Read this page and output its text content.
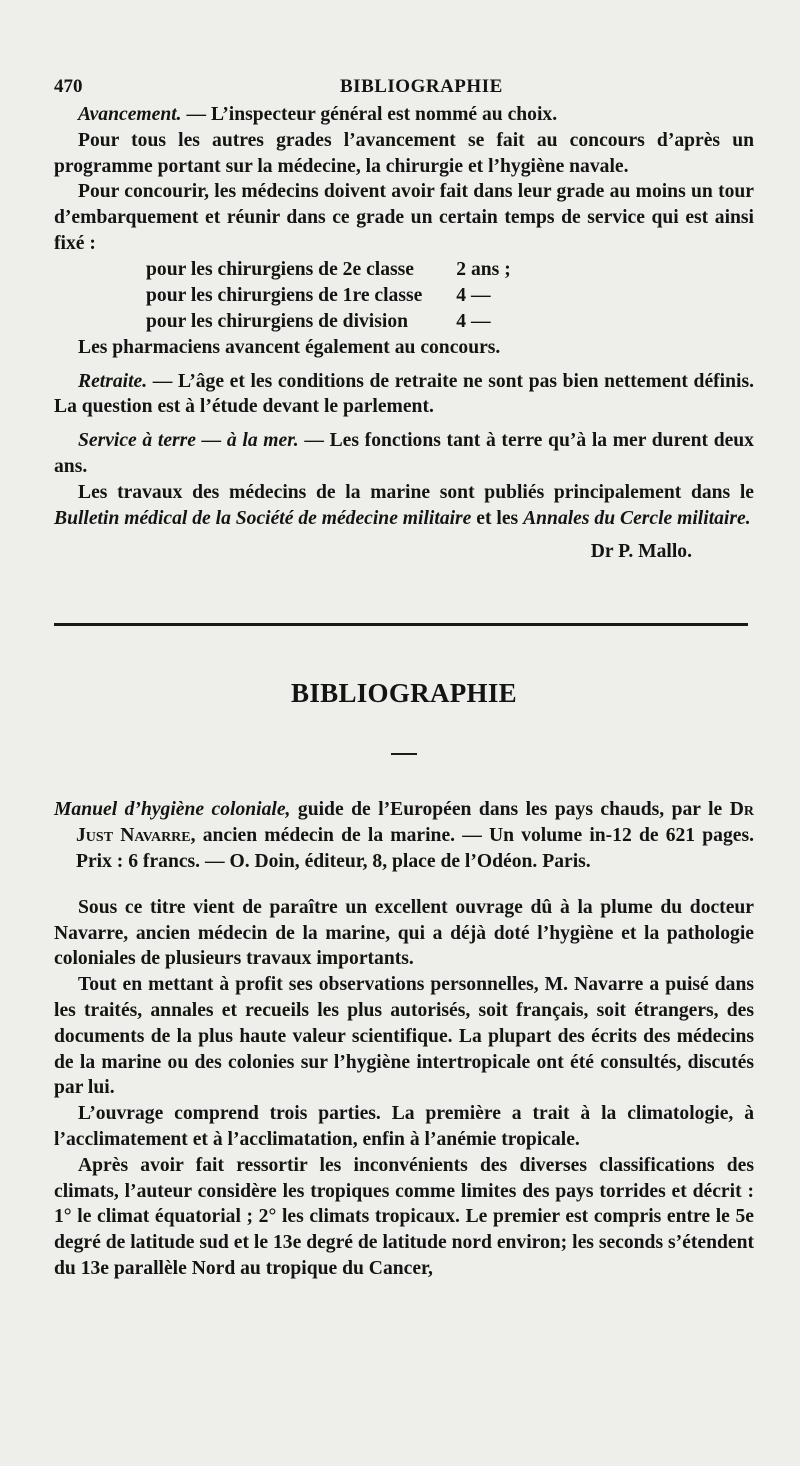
470	BIBLIOGRAPHIE

Avancement. — L’inspecteur général est nommé au choix.

Pour tous les autres grades l’avancement se fait au concours d’après un programme portant sur la médecine, la chirurgie et l’hygiène navale.

Pour concourir, les médecins doivent avoir fait dans leur grade au moins un tour d’embarquement et réunir dans ce grade un certain temps de service qui est ainsi fixé :

pour les chirurgiens de 2e classe	2 ans ;
pour les chirurgiens de 1re classe	4 —
pour les chirurgiens de division	4 —

Les pharmaciens avancent également au concours.

Retraite. — L’âge et les conditions de retraite ne sont pas bien nettement définis. La question est à l’étude devant le parlement.

Service à terre — à la mer. — Les fonctions tant à terre qu’à la mer durent deux ans.

Les travaux des médecins de la marine sont publiés principalement dans le Bulletin médical de la Société de médecine militaire et les Annales du Cercle militaire.

Dr P. Mallo.
BIBLIOGRAPHIE

Manuel d’hygiène coloniale, guide de l’Européen dans les pays chauds, par le Dr Just Navarre, ancien médecin de la marine. — Un volume in-12 de 621 pages. Prix : 6 francs. — O. Doin, éditeur, 8, place de l’Odéon. Paris.

Sous ce titre vient de paraître un excellent ouvrage dû à la plume du docteur Navarre, ancien médecin de la marine, qui a déjà doté l’hygiène et la pathologie coloniales de plusieurs travaux importants.

Tout en mettant à profit ses observations personnelles, M. Navarre a puisé dans les traités, annales et recueils les plus autorisés, soit français, soit étrangers, des documents de la plus haute valeur scientifique. La plupart des écrits des médecins de la marine ou des colonies sur l’hygiène intertropicale ont été consultés, discutés par lui.

L’ouvrage comprend trois parties. La première a trait à la climatologie, à l’acclimatement et à l’acclimatation, enfin à l’anémie tropicale.

Après avoir fait ressortir les inconvénients des diverses classifications des climats, l’auteur considère les tropiques comme limites des pays torrides et décrit : 1° le climat équatorial ; 2° les climats tropicaux. Le premier est compris entre le 5e degré de latitude sud et le 13e degré de latitude nord environ; les seconds s’étendent du 13e parallèle Nord au tropique du Cancer,
